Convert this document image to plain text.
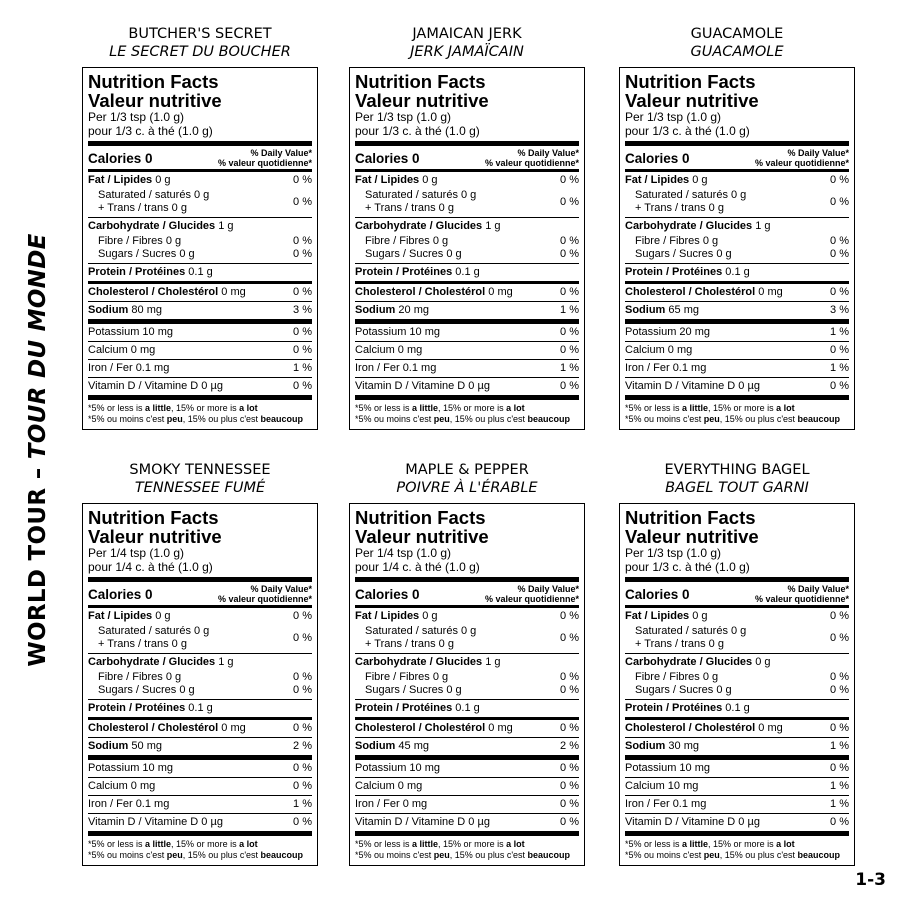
WORLD TOUR – TOUR DU MONDE
1-3
BUTCHER'S SECRET
LE SECRET DU BOUCHER
Nutrition Facts
Valeur nutritive
Per 1/3 tsp (1.0 g)
pour 1/3 c. à thé (1.0 g)
Calories 0	% Daily Value*
% valeur quotidienne*
Fat / Lipides 0 g	0 %
Saturated / saturés 0 g
+ Trans / trans 0 g
0 %
Carbohydrate / Glucides 1 g
Fibre / Fibres 0 g	0 %
Sugars / Sucres 0 g	0 %
Protein / Protéines 0.1 g
Cholesterol / Cholestérol 0 mg	0 %
Sodium 80 mg	3 %
Potassium 10 mg	0 %
Calcium 0 mg	0 %
Iron / Fer 0.1 mg	1 %
Vitamin D / Vitamine D 0 µg	0 %
*5% or less is a little, 15% or more is a lot
*5% ou moins c'est peu, 15% ou plus c'est beaucoup
JAMAICAN JERK
JERK JAMAÏCAIN
Nutrition Facts
Valeur nutritive
Per 1/3 tsp (1.0 g)
pour 1/3 c. à thé (1.0 g)
Calories 0	% Daily Value*
% valeur quotidienne*
Fat / Lipides 0 g	0 %
Saturated / saturés 0 g
+ Trans / trans 0 g
0 %
Carbohydrate / Glucides 1 g
Fibre / Fibres 0 g	0 %
Sugars / Sucres 0 g	0 %
Protein / Protéines 0.1 g
Cholesterol / Cholestérol 0 mg	0 %
Sodium 20 mg	1 %
Potassium 10 mg	0 %
Calcium 0 mg	0 %
Iron / Fer 0.1 mg	1 %
Vitamin D / Vitamine D 0 µg	0 %
*5% or less is a little, 15% or more is a lot
*5% ou moins c'est peu, 15% ou plus c'est beaucoup
GUACAMOLE
GUACAMOLE
Nutrition Facts
Valeur nutritive
Per 1/3 tsp (1.0 g)
pour 1/3 c. à thé (1.0 g)
Calories 0	% Daily Value*
% valeur quotidienne*
Fat / Lipides 0 g	0 %
Saturated / saturés 0 g
+ Trans / trans 0 g
0 %
Carbohydrate / Glucides 1 g
Fibre / Fibres 0 g	0 %
Sugars / Sucres 0 g	0 %
Protein / Protéines 0.1 g
Cholesterol / Cholestérol 0 mg	0 %
Sodium 65 mg	3 %
Potassium 20 mg	1 %
Calcium 0 mg	0 %
Iron / Fer 0.1 mg	1 %
Vitamin D / Vitamine D 0 µg	0 %
*5% or less is a little, 15% or more is a lot
*5% ou moins c'est peu, 15% ou plus c'est beaucoup
SMOKY TENNESSEE
TENNESSEE FUMÉ
Nutrition Facts
Valeur nutritive
Per 1/4 tsp (1.0 g)
pour 1/4 c. à thé (1.0 g)
Calories 0	% Daily Value*
% valeur quotidienne*
Fat / Lipides 0 g	0 %
Saturated / saturés 0 g
+ Trans / trans 0 g
0 %
Carbohydrate / Glucides 1 g
Fibre / Fibres 0 g	0 %
Sugars / Sucres 0 g	0 %
Protein / Protéines 0.1 g
Cholesterol / Cholestérol 0 mg	0 %
Sodium 50 mg	2 %
Potassium 10 mg	0 %
Calcium 0 mg	0 %
Iron / Fer 0.1 mg	1 %
Vitamin D / Vitamine D 0 µg	0 %
*5% or less is a little, 15% or more is a lot
*5% ou moins c'est peu, 15% ou plus c'est beaucoup
MAPLE & PEPPER
POIVRE À L'ÉRABLE
Nutrition Facts
Valeur nutritive
Per 1/4 tsp (1.0 g)
pour 1/4 c. à thé (1.0 g)
Calories 0	% Daily Value*
% valeur quotidienne*
Fat / Lipides 0 g	0 %
Saturated / saturés 0 g
+ Trans / trans 0 g
0 %
Carbohydrate / Glucides 1 g
Fibre / Fibres 0 g	0 %
Sugars / Sucres 0 g	0 %
Protein / Protéines 0.1 g
Cholesterol / Cholestérol 0 mg	0 %
Sodium 45 mg	2 %
Potassium 10 mg	0 %
Calcium 0 mg	0 %
Iron / Fer 0 mg	0 %
Vitamin D / Vitamine D 0 µg	0 %
*5% or less is a little, 15% or more is a lot
*5% ou moins c'est peu, 15% ou plus c'est beaucoup
EVERYTHING BAGEL
BAGEL TOUT GARNI
Nutrition Facts
Valeur nutritive
Per 1/3 tsp (1.0 g)
pour 1/3 c. à thé (1.0 g)
Calories 0	% Daily Value*
% valeur quotidienne*
Fat / Lipides 0 g	0 %
Saturated / saturés 0 g
+ Trans / trans 0 g
0 %
Carbohydrate / Glucides 0 g
Fibre / Fibres 0 g	0 %
Sugars / Sucres 0 g	0 %
Protein / Protéines 0.1 g
Cholesterol / Cholestérol 0 mg	0 %
Sodium 30 mg	1 %
Potassium 10 mg	0 %
Calcium 10 mg	1 %
Iron / Fer 0.1 mg	1 %
Vitamin D / Vitamine D 0 µg	0 %
*5% or less is a little, 15% or more is a lot
*5% ou moins c'est peu, 15% ou plus c'est beaucoup
